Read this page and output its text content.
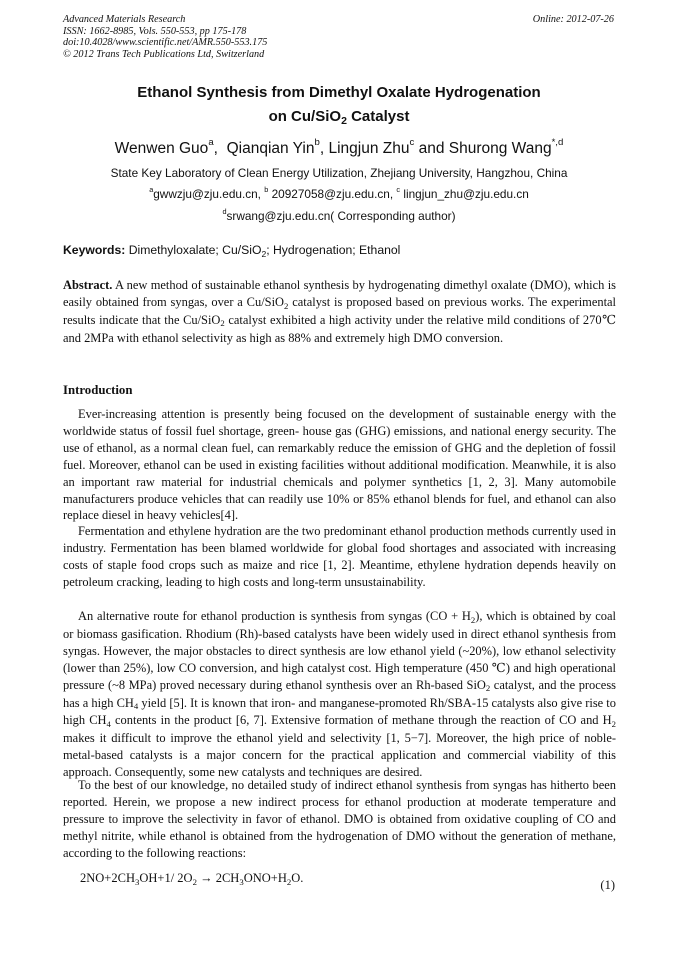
Advanced Materials Research
ISSN: 1662-8985, Vols. 550-553, pp 175-178
doi:10.4028/www.scientific.net/AMR.550-553.175
© 2012 Trans Tech Publications Ltd, Switzerland
Online: 2012-07-26
Ethanol Synthesis from Dimethyl Oxalate Hydrogenation
on Cu/SiO$_2$ Catalyst
Wenwen Guo$^a$,  Qianqian Yin$^b$, Lingjun Zhu$^c$ and Shurong Wang$^{*,d}$
State Key Laboratory of Clean Energy Utilization, Zhejiang University, Hangzhou, China
$^a$gwwzju@zju.edu.cn, $^b$ 20927058@zju.edu.cn, $^c$ lingjun_zhu@zju.edu.cn
$^d$srwang@zju.edu.cn( Corresponding author)
Keywords: Dimethyloxalate; Cu/SiO$_2$; Hydrogenation; Ethanol
Abstract. A new method of sustainable ethanol synthesis by hydrogenating dimethyl oxalate (DMO), which is easily obtained from syngas, over a Cu/SiO$_2$ catalyst is proposed based on previous works. The experimental results indicate that the Cu/SiO$_2$ catalyst exhibited a high activity under the relative mild conditions of 270℃ and 2MPa with ethanol selectivity as high as 88% and extremely high DMO conversion.
Introduction
Ever-increasing attention is presently being focused on the development of sustainable energy with the worldwide status of fossil fuel shortage, green- house gas (GHG) emissions, and national energy security. The use of ethanol, as a normal clean fuel, can remarkably reduce the emission of GHG and the depletion of fossil fuel. Moreover, ethanol can be used in existing facilities without additional modification. Meanwhile, it is also an important raw material for industrial chemicals and polymer synthetics [1, 2, 3]. Many automobile manufacturers produce vehicles that can readily use 10% or 85% ethanol blends for fuel, and ethanol can also replace diesel in heavy vehicles[4].
Fermentation and ethylene hydration are the two predominant ethanol production methods currently used in industry. Fermentation has been blamed worldwide for global food shortages and associated with increasing costs of staple food crops such as maize and rice [1, 2]. Meantime, ethylene hydration depends heavily on petroleum cracking, leading to high costs and long-term unsustainability.
An alternative route for ethanol production is synthesis from syngas $(CO + H_2)$, which is obtained by coal or biomass gasification. Rhodium (Rh)-based catalysts have been widely used in direct ethanol synthesis from syngas. However, the major obstacles to direct synthesis are low ethanol yield (~20%), low ethanol selectivity (lower than 25%), low CO conversion, and high catalyst cost. High temperature (450 ℃) and high operational pressure (~8 MPa) proved necessary during ethanol synthesis over an Rh-based SiO$_2$ catalyst, and the process has a high $CH_4$ yield [5]. It is known that iron- and manganese-promoted Rh/SBA-15 catalysts also give rise to high $CH_4$ contents in the product [6, 7]. Extensive formation of methane through the reaction of CO and $H_2$ makes it difficult to improve the ethanol yield and selectivity [1, 5−7]. Moreover, the high price of noble-metal-based catalysts is a major concern for the practical application and commercial viability of this approach. Consequently, some new catalysts and techniques are desired.
To the best of our knowledge, no detailed study of indirect ethanol synthesis from syngas has hitherto been reported. Herein, we propose a new indirect process for ethanol production at moderate temperature and pressure to improve the selectivity in favor of ethanol. DMO is obtained from oxidative coupling of CO and methyl nitrite, while ethanol is obtained from the hydrogenation of DMO without the generation of methane, according to the following reactions:
$2NO+2CH_3OH+1/$ $2O_2 \to 2CH_3ONO+H_2O$.	(1)
